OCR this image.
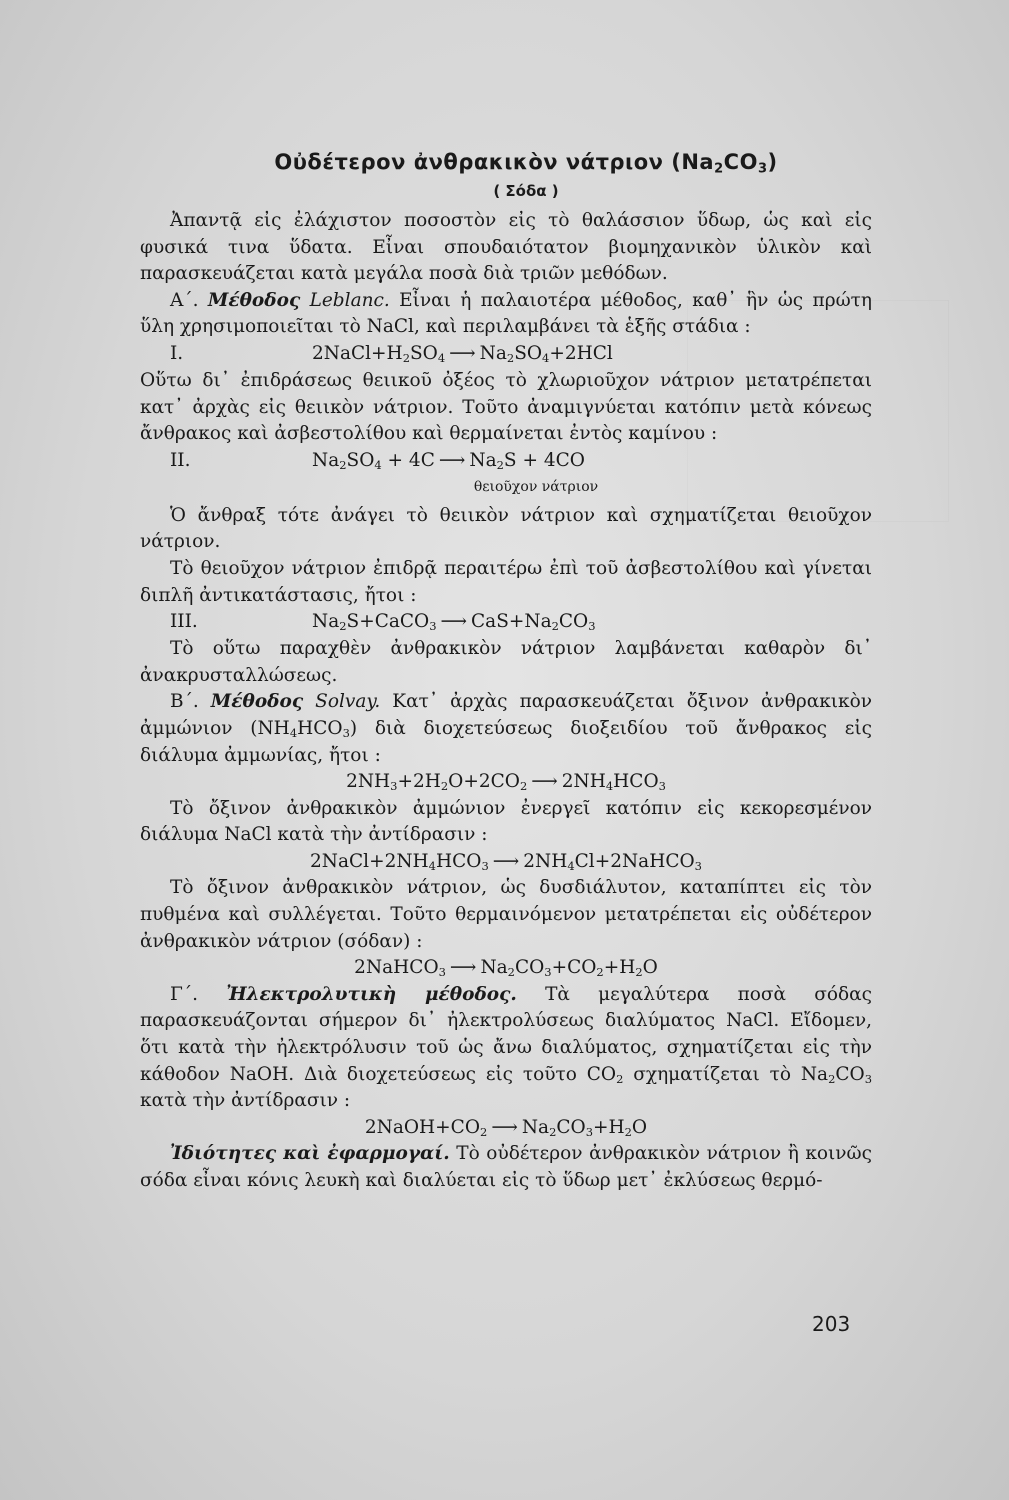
Οὐδέτερον ἀνθρακικὸν νάτριον $(Na_2CO_3)$
( Σόδα )

Ἀπαντᾷ εἰς ἐλάχιστον ποσοστὸν εἰς τὸ θαλάσσιον ὕδωρ, ὡς καὶ εἰς φυσικά τινα ὕδατα. Εἶναι σπουδαιότατον βιομηχανικὸν ὑλικὸν καὶ παρασκευάζεται κατὰ μεγάλα ποσὰ διὰ τριῶν μεθόδων.

Α΄. Μέθοδος Leblanc. Εἶναι ἡ παλαιοτέρα μέθοδος, καθ᾽ ἣν ὡς πρώτη ὕλη χρησιμοποιεῖται τὸ NaCl, καὶ περιλαμβάνει τὰ ἑξῆς στάδια :

I.	$2NaCl+H_2SO_4$ ⟶ $Na_2SO_4+2HCl$

Οὕτω δι᾽ ἐπιδράσεως θειικοῦ ὀξέος τὸ χλωριοῦχον νάτριον μετατρέπεται κατ᾽ ἀρχὰς εἰς θειικὸν νάτριον. Τοῦτο ἀναμιγνύεται κατόπιν μετὰ κόνεως ἄνθρακος καὶ ἀσβεστολίθου καὶ θερμαίνεται ἐντὸς καμίνου :

II.	$Na_2SO_4 + 4C$ ⟶ $Na_2S + 4CO$
θειοῦχον νάτριον

Ὁ ἄνθραξ τότε ἀνάγει τὸ θειικὸν νάτριον καὶ σχηματίζεται θειοῦχον νάτριον.

Τὸ θειοῦχον νάτριον ἐπιδρᾷ περαιτέρω ἐπὶ τοῦ ἀσβεστολίθου καὶ γίνεται διπλῆ ἀντικατάστασις, ἤτοι :

III.	$Na_2S+CaCO_3$ ⟶ $CaS+Na_2CO_3$

Τὸ οὕτω παραχθὲν ἀνθρακικὸν νάτριον λαμβάνεται καθαρὸν δι᾽ ἀνακρυσταλλώσεως.

Β΄. Μέθοδος Solvay. Κατ᾽ ἀρχὰς παρασκευάζεται ὄξινον ἀνθρακικὸν ἀμμώνιον $(NH_4HCO_3)$ διὰ διοχετεύσεως διοξειδίου τοῦ ἄνθρακος εἰς διάλυμα ἀμμωνίας, ἤτοι :

$2NH_3+2H_2O+2CO_2$ ⟶ $2NH_4HCO_3$

Τὸ ὄξινον ἀνθρακικὸν ἀμμώνιον ἐνεργεῖ κατόπιν εἰς κεκορεσμένον διάλυμα NaCl κατὰ τὴν ἀντίδρασιν :

$2NaCl+2NH_4HCO_3$ ⟶ $2NH_4Cl+2NaHCO_3$

Τὸ ὄξινον ἀνθρακικὸν νάτριον, ὡς δυσδιάλυτον, καταπίπτει εἰς τὸν πυθμένα καὶ συλλέγεται. Τοῦτο θερμαινόμενον μετατρέπεται εἰς οὐδέτερον ἀνθρακικὸν νάτριον (σόδαν) :

2NaHCO$_3$ ⟶ $Na_2CO_3+CO_2+H_2O$

Γ΄. Ἠλεκτρολυτικὴ μέθοδος. Τὰ μεγαλύτερα ποσὰ σόδας παρασκευάζονται σήμερον δι᾽ ἠλεκτρολύσεως διαλύματος NaCl. Εἴδομεν, ὅτι κατὰ τὴν ἠλεκτρόλυσιν τοῦ ὡς ἄνω διαλύματος, σχηματίζεται εἰς τὴν κάθοδον NaOH. Διὰ διοχετεύσεως εἰς τοῦτο $CO_2$ σχηματίζεται τὸ $Na_2CO_3$ κατὰ τὴν ἀντίδρασιν :

$2NaOH+CO_2$ ⟶ $Na_2CO_3+H_2O$

Ἰδιότητες καὶ ἐφαρμογαί. Τὸ οὐδέτερον ἀνθρακικὸν νάτριον ἢ κοινῶς σόδα εἶναι κόνις λευκὴ καὶ διαλύεται εἰς τὸ ὕδωρ μετ᾽ ἐκλύσεως θερμό-

203
